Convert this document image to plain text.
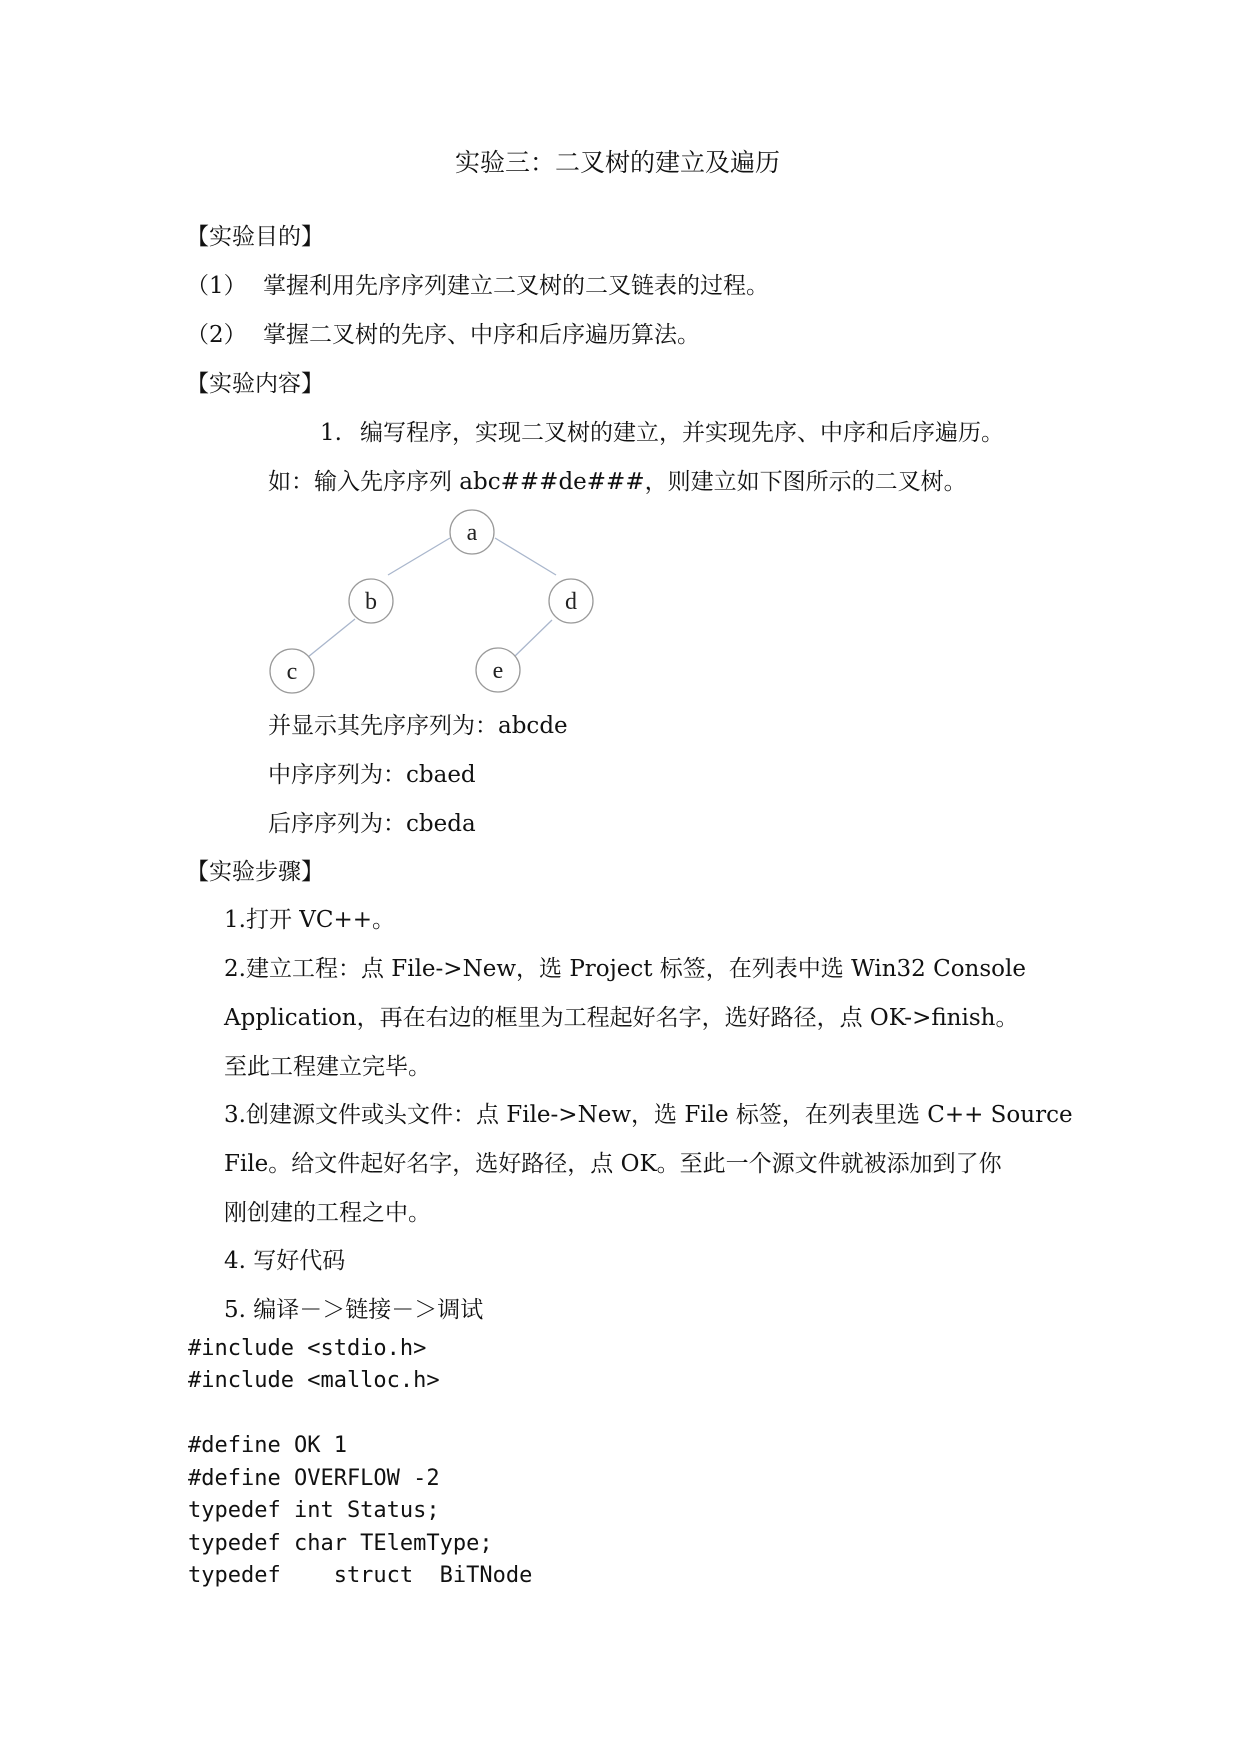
实验三：二叉树的建立及遍历
【实验目的】
（1） 掌握利用先序序列建立二叉树的二叉链表的过程。
（2） 掌握二叉树的先序、中序和后序遍历算法。
【实验内容】
1. 编写程序，实现二叉树的建立，并实现先序、中序和后序遍历。
如：输入先序序列 abc###de###，则建立如下图所示的二叉树。
a
b	d
c	e
并显示其先序序列为：abcde
中序序列为：cbaed
后序序列为：cbeda
【实验步骤】
1.打开 VC++。
2.建立工程：点 File->New，选 Project 标签，在列表中选 Win32 Console
Application，再在右边的框里为工程起好名字，选好路径，点 OK->finish。
至此工程建立完毕。
3.创建源文件或头文件：点 File->New，选 File 标签，在列表里选 C++ Source
File。给文件起好名字，选好路径，点 OK。至此一个源文件就被添加到了你
刚创建的工程之中。
4. 写好代码
5. 编译－＞链接－＞调试
#include <stdio.h>
#include <malloc.h>
#define OK 1
#define OVERFLOW -2
typedef int Status;
typedef char TElemType;
typedef    struct  BiTNode
